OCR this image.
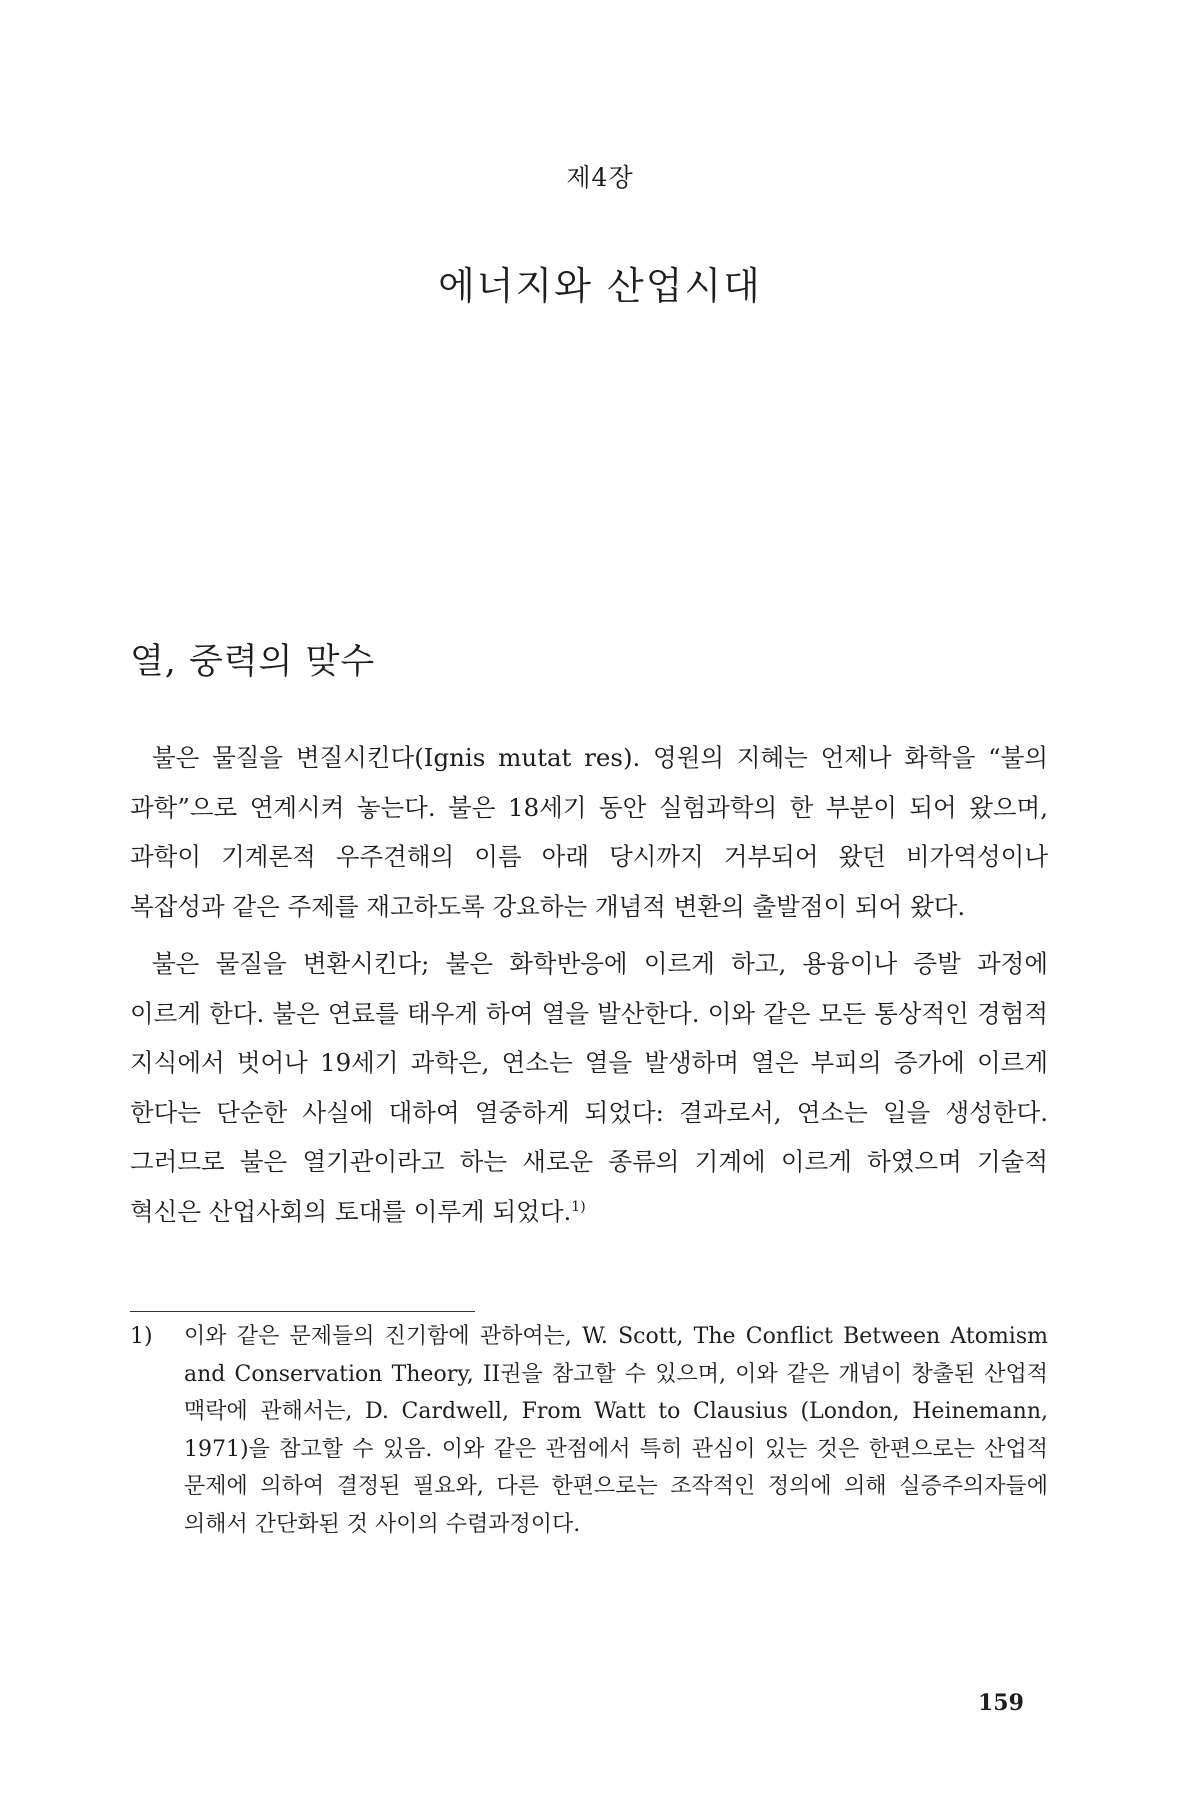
제4장
에너지와 산업시대
열, 중력의 맞수

불은 물질을 변질시킨다(Ignis mutat res). 영원의 지혜는 언제나 화학을 “불의 과학”으로 연계시켜 놓는다. 불은 18세기 동안 실험과학의 한 부분이 되어 왔으며, 과학이 기계론적 우주견해의 이름 아래 당시까지 거부되어 왔던 비가역성이나 복잡성과 같은 주제를 재고하도록 강요하는 개념적 변환의 출발점이 되어 왔다.

불은 물질을 변환시킨다; 불은 화학반응에 이르게 하고, 용융이나 증발 과정에 이르게 한다. 불은 연료를 태우게 하여 열을 발산한다. 이와 같은 모든 통상적인 경험적 지식에서 벗어나 19세기 과학은, 연소는 열을 발생하며 열은 부피의 증가에 이르게 한다는 단순한 사실에 대하여 열중하게 되었다: 결과로서, 연소는 일을 생성한다. 그러므로 불은 열기관이라고 하는 새로운 종류의 기계에 이르게 하였으며 기술적 혁신은 산업사회의 토대를 이루게 되었다.$^{1)}$

1) 이와 같은 문제들의 진기함에 관하여는, W. Scott, The Conflict Between Atomism and Conservation Theory, II권을 참고할 수 있으며, 이와 같은 개념이 창출된 산업적 맥락에 관해서는, D. Cardwell, From Watt to Clausius (London, Heinemann, 1971)을 참고할 수 있음. 이와 같은 관점에서 특히 관심이 있는 것은 한편으로는 산업적 문제에 의하여 결정된 필요와, 다른 한편으로는 조작적인 정의에 의해 실증주의자들에 의해서 간단화된 것 사이의 수렴과정이다.
159
